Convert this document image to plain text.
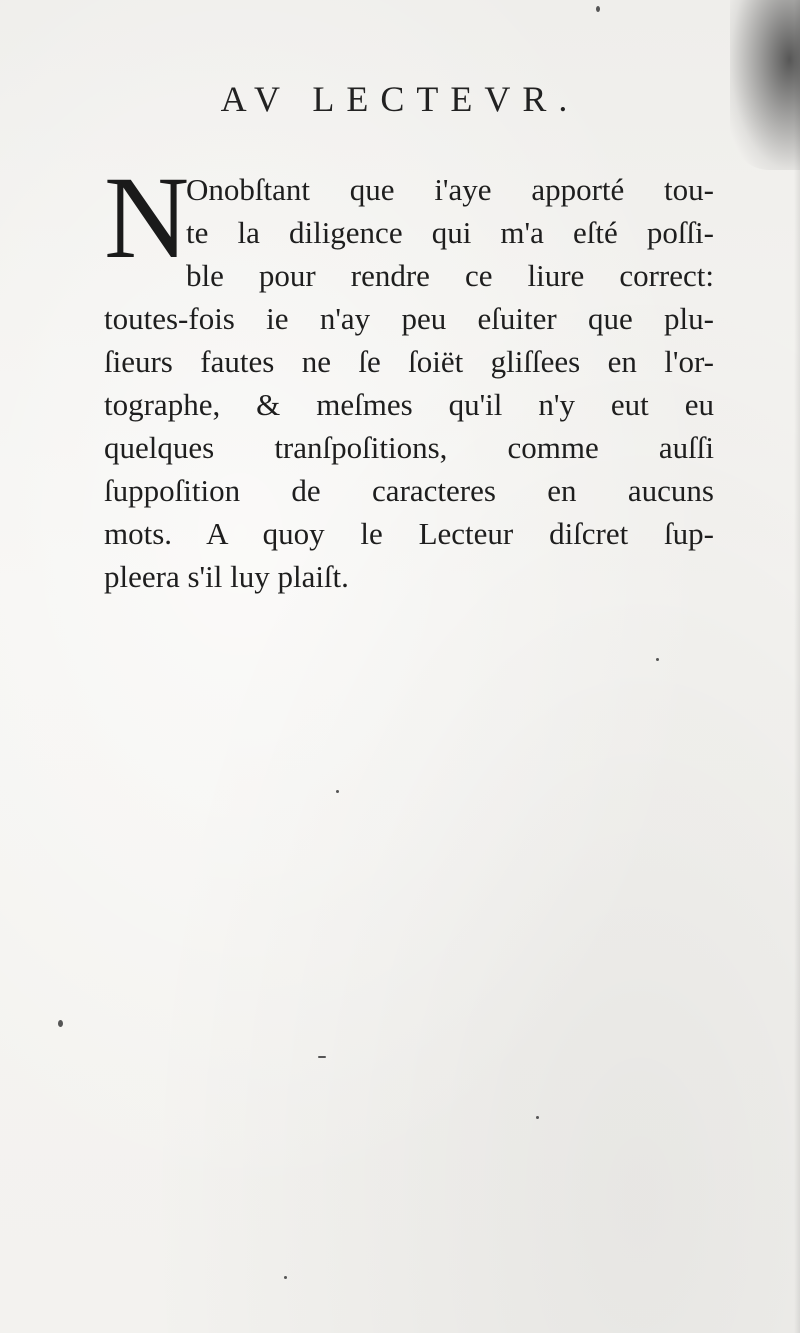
AV LECTEVR.
N
Onobſtant que i'aye apporté tou-
te la diligence qui m'a eſté poſſi-
ble pour rendre ce liure correct:
toutes-fois ie n'ay peu eſuiter que plu-
ſieurs fautes ne ſe ſoiët gliſſees en l'or-
tographe, & meſmes qu'il n'y eut eu
quelques tranſpoſitions, comme auſſi
ſuppoſition de caracteres en aucuns
mots. A quoy le Lecteur diſcret ſup-
pleera s'il luy plaiſt.
